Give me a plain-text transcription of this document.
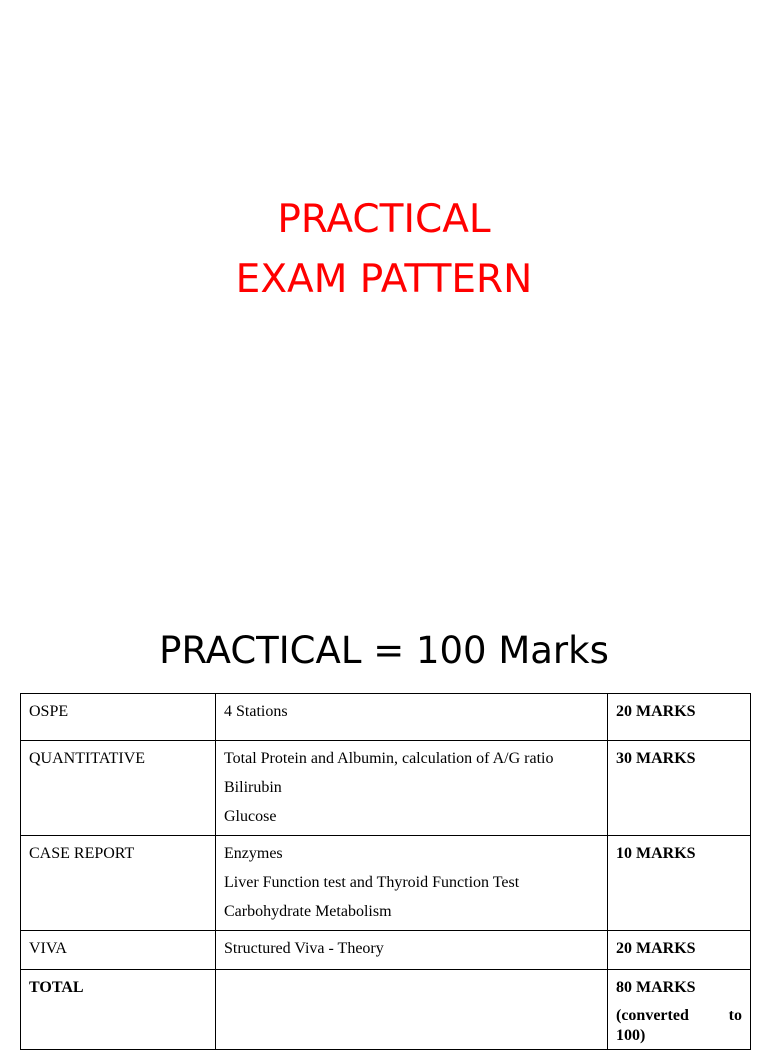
PRACTICAL
EXAM PATTERN
PRACTICAL = 100 Marks
OSPE	4 Stations	20 MARKS
QUANTITATIVE	Total Protein and Albumin, calculation of A/G ratio
Bilirubin
Glucose	30 MARKS
CASE REPORT	Enzymes
Liver Function test and Thyroid Function Test
Carbohydrate Metabolism	10 MARKS
VIVA	Structured Viva - Theory	20 MARKS
TOTAL		80 MARKS
(converted to
100)
